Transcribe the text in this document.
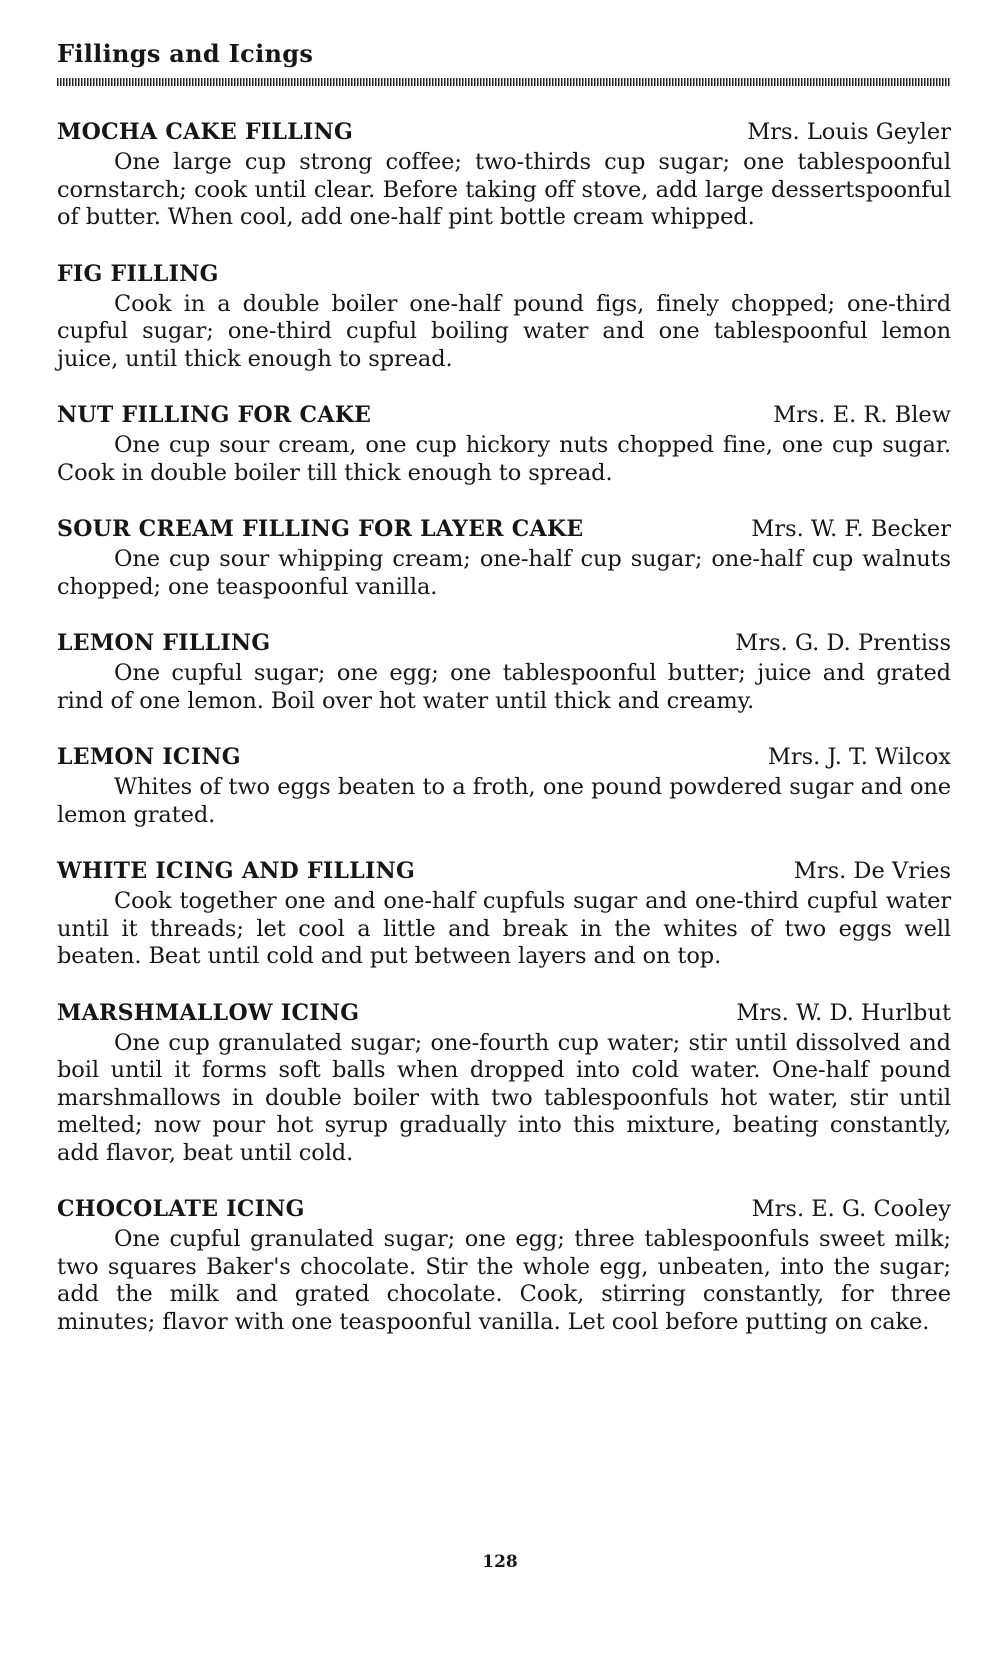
Fillings and Icings
MOCHA CAKE FILLING	Mrs. Louis Geyler

One large cup strong coffee; two-thirds cup sugar; one tablespoonful cornstarch; cook until clear. Before taking off stove, add large dessertspoonful of butter. When cool, add one-half pint bottle cream whipped.

FIG FILLING

Cook in a double boiler one-half pound figs, finely chopped; one-third cupful sugar; one-third cupful boiling water and one tablespoonful lemon juice, until thick enough to spread.

NUT FILLING FOR CAKE	Mrs. E. R. Blew

One cup sour cream, one cup hickory nuts chopped fine, one cup sugar. Cook in double boiler till thick enough to spread.

SOUR CREAM FILLING FOR LAYER CAKE	Mrs. W. F. Becker

One cup sour whipping cream; one-half cup sugar; one-half cup walnuts chopped; one teaspoonful vanilla.

LEMON FILLING	Mrs. G. D. Prentiss

One cupful sugar; one egg; one tablespoonful butter; juice and grated rind of one lemon. Boil over hot water until thick and creamy.

LEMON ICING	Mrs. J. T. Wilcox

Whites of two eggs beaten to a froth, one pound powdered sugar and one lemon grated.

WHITE ICING AND FILLING	Mrs. De Vries

Cook together one and one-half cupfuls sugar and one-third cupful water until it threads; let cool a little and break in the whites of two eggs well beaten. Beat until cold and put between layers and on top.

MARSHMALLOW ICING	Mrs. W. D. Hurlbut

One cup granulated sugar; one-fourth cup water; stir until dissolved and boil until it forms soft balls when dropped into cold water. One-half pound marshmallows in double boiler with two tablespoonfuls hot water, stir until melted; now pour hot syrup gradually into this mixture, beating constantly, add flavor, beat until cold.

CHOCOLATE ICING	Mrs. E. G. Cooley

One cupful granulated sugar; one egg; three tablespoonfuls sweet milk; two squares Baker's chocolate. Stir the whole egg, unbeaten, into the sugar; add the milk and grated chocolate. Cook, stirring constantly, for three minutes; flavor with one teaspoonful vanilla. Let cool before putting on cake.

128
